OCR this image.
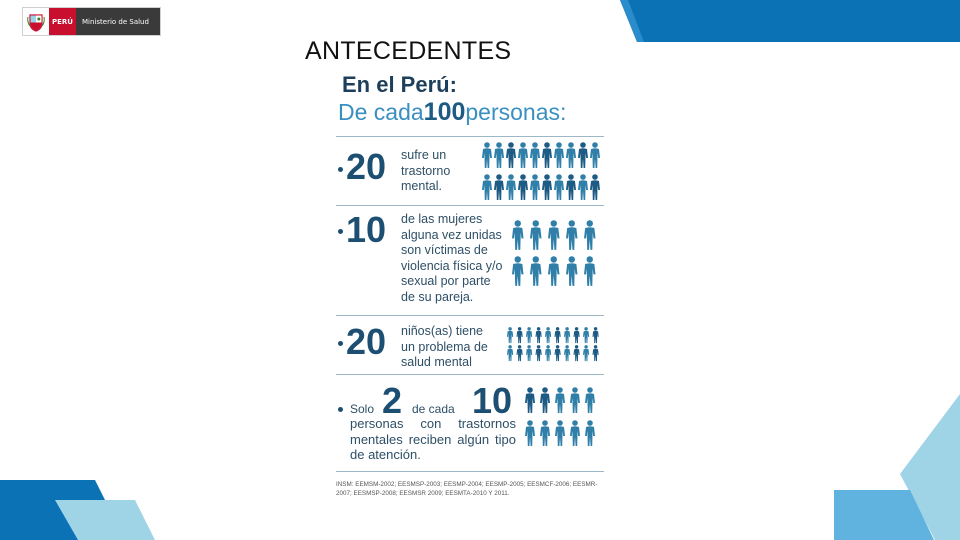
PERÚ	Ministerio de Salud
ANTECEDENTES
En el Perú:
De cada100personas:
20 sufre un
trastorno
mental.
10 de las mujeres
alguna vez unidas
son víctimas de
violencia física y/o
sexual por parte
de su pareja.
20 niños(as) tiene
un problema de
salud mental
Solo 2 de cada 10
personas con trastornos mentales reciben algún tipo de atención.
INSM: EEMSM-2002; EESMSP-2003; EESMP-2004; EESMP-2005; EESMCF-2006; EESMR-2007; EESMSP-2008; EESMSR 2009; EESMTA-2010 Y 2011.
